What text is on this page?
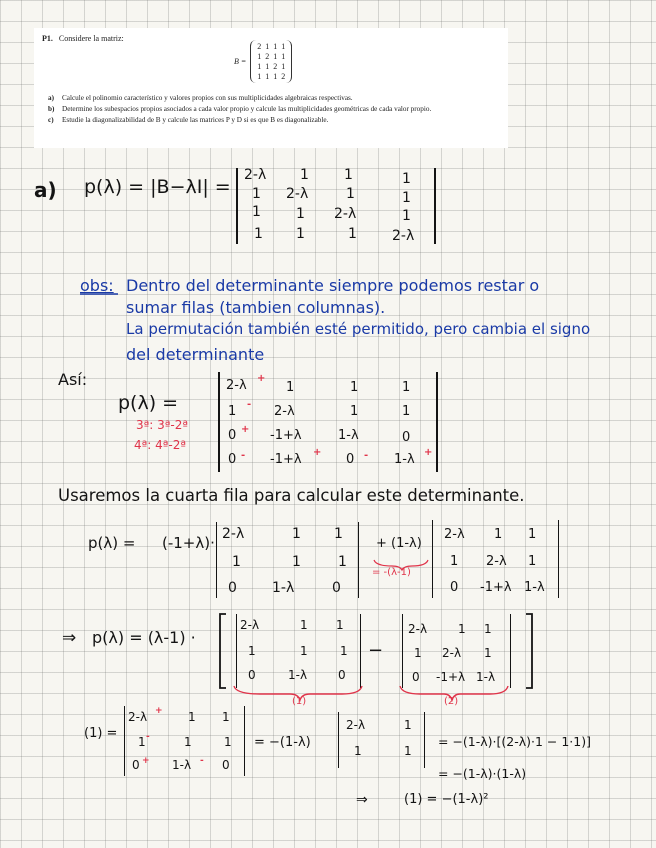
P1. Considere la matriz:
B =
2 1 1 1
1 2 1 1
1 1 2 1
1 1 1 2
a)	Calcule el polinomio característico y valores propios con sus multiplicidades algebraicas respectivas.
b)	Determine los subespacios propios asociados a cada valor propio y calcule las multiplicidades geométricas de cada valor propio.
c)	Estudie la diagonalizabilidad de B y calcule las matrices P y D si es que B es diagonalizable.
a) p(λ) = |B−λI| =
2-λ 1	1	1
1 2-λ	1	1
1	1 2-λ	1
1 1	1	2-λ
obs: Dentro del determinante siempre podemos restar o
sumar filas (tambien columnas).
La permutación también esté permitido, pero cambia el signo
del determinante
Así:
p(λ) =
3ª: 3ª-2ª
4ª: 4ª-2ª
2-λ	1	1	1
1	2-λ	1	1
0	-1+λ	1-λ	0
0	-1+λ	0	1-λ
+
-
+
-	+	-	+
Usaremos la cuarta fila para calcular este determinante.
p(λ) = (-1+λ)· 2-λ	1 1
1	1	1
0	1-λ	0
+ (1-λ)
= -(λ-1)
2-λ 1 1
1 2-λ 1
0 -1+λ 1-λ
⇒ p(λ) = (λ-1) ·
2-λ	1 1
1	1	1
0	1-λ	0
−
2-λ	1 1
1 2-λ 1
0 -1+λ 1-λ
(1)	(2)
(1) =
2-λ	1 1
1	1	1
0	1-λ	0
+
-
+	-
= −(1-λ)
2-λ	1
1	1
= −(1-λ)·[(2-λ)·1 − 1·1)]
= −(1-λ)·(1-λ)
⇒	(1) = −(1-λ)²
